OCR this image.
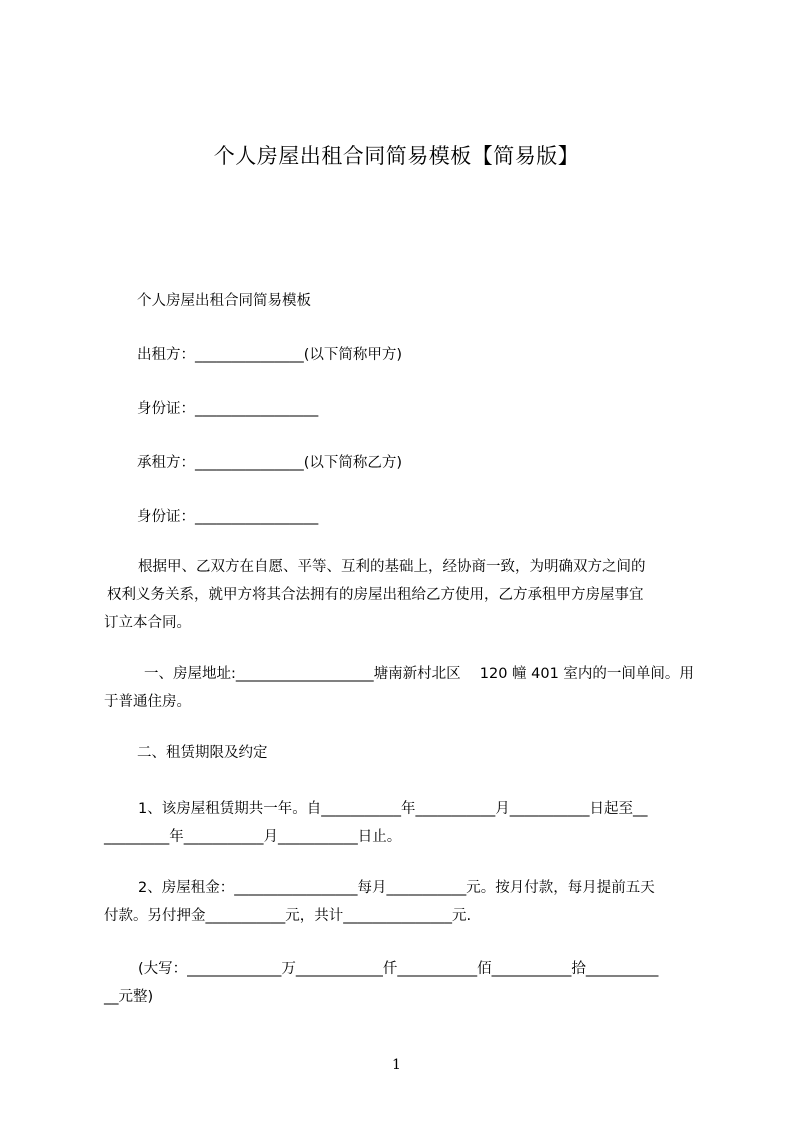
个人房屋出租合同简易模板【简易版】
个人房屋出租合同简易模板
出租方：_______________(以下简称甲方)
身份证：_________________
承租方：_______________(以下简称乙方)
身份证：_________________
根据甲、乙双方在自愿、平等、互利的基础上，经协商一致，为明确双方之间的
权利义务关系，就甲方将其合法拥有的房屋出租给乙方使用，乙方承租甲方房屋事宜
订立本合同。
一、房屋地址:___________________塘南新村北区　 120 幢 401 室内的一间单间。用
于普通住房。
二、租赁期限及约定
1、该房屋租赁期共一年。自___________年___________月___________日起至__
_________年___________月___________日止。
2、房屋租金：_________________每月___________元。按月付款，每月提前五天
付款。另付押金___________元，共计_______________元.
(大写：_____________万____________仟___________佰___________拾__________
__元整)
1
